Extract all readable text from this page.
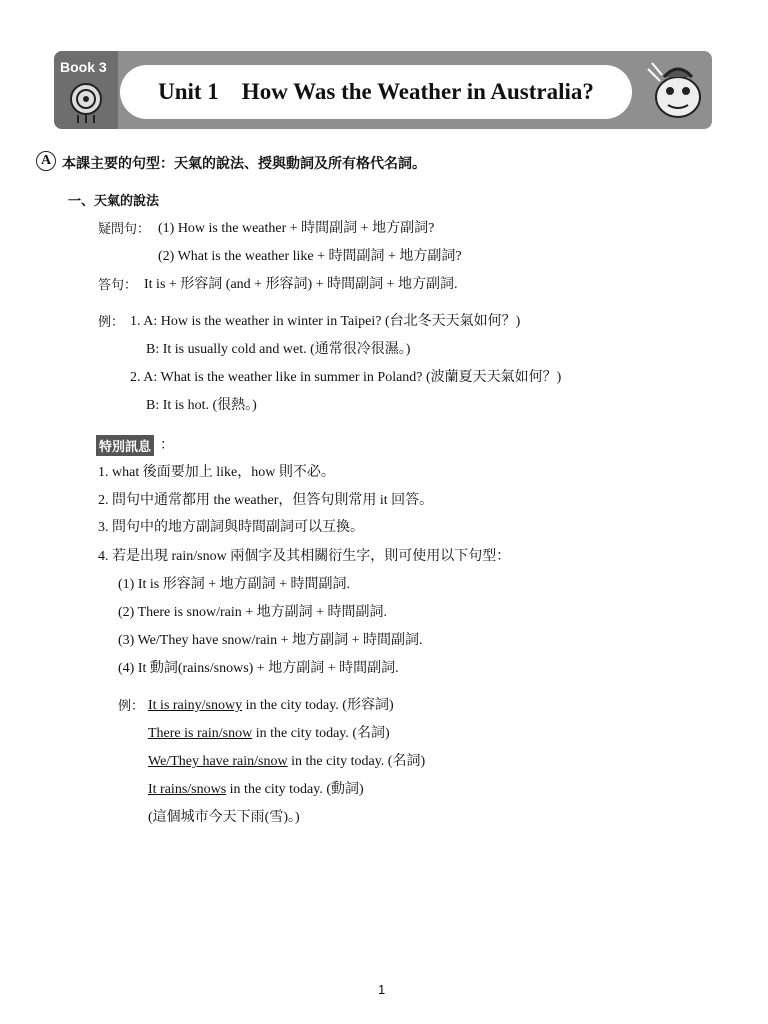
Book 3
Unit 1    How Was the Weather in Australia?
A 本課主要的句型：天氣的說法、授與動詞及所有格代名詞。
一、天氣的說法
疑問句： (1) How is the weather + 時間副詞 + 地方副詞?
(2) What is the weather like + 時間副詞 + 地方副詞?
答句： It is + 形容詞 (and + 形容詞) + 時間副詞 + 地方副詞.
例： 1. A: How is the weather in winter in Taipei? (台北冬天天氣如何？)
B: It is usually cold and wet. (通常很冷很濕。)
2. A: What is the weather like in summer in Poland? (波蘭夏天天氣如何？)
B: It is hot. (很熱。)
特別訊息 ：
1. what 後面要加上 like，how 則不必。
2. 問句中通常都用 the weather，但答句則常用 it 回答。
3. 問句中的地方副詞與時間副詞可以互換。
4. 若是出現 rain/snow 兩個字及其相關衍生字，則可使用以下句型：
(1) It is 形容詞 + 地方副詞 + 時間副詞.
(2) There is snow/rain + 地方副詞 + 時間副詞.
(3) We/They have snow/rain + 地方副詞 + 時間副詞.
(4) It 動詞(rains/snows) + 地方副詞 + 時間副詞.
例： It is rainy/snowy in the city today. (形容詞)
There is rain/snow in the city today. (名詞)
We/They have rain/snow in the city today. (名詞)
It rains/snows in the city today. (動詞)
(這個城市今天下雨(雪)。)
1
